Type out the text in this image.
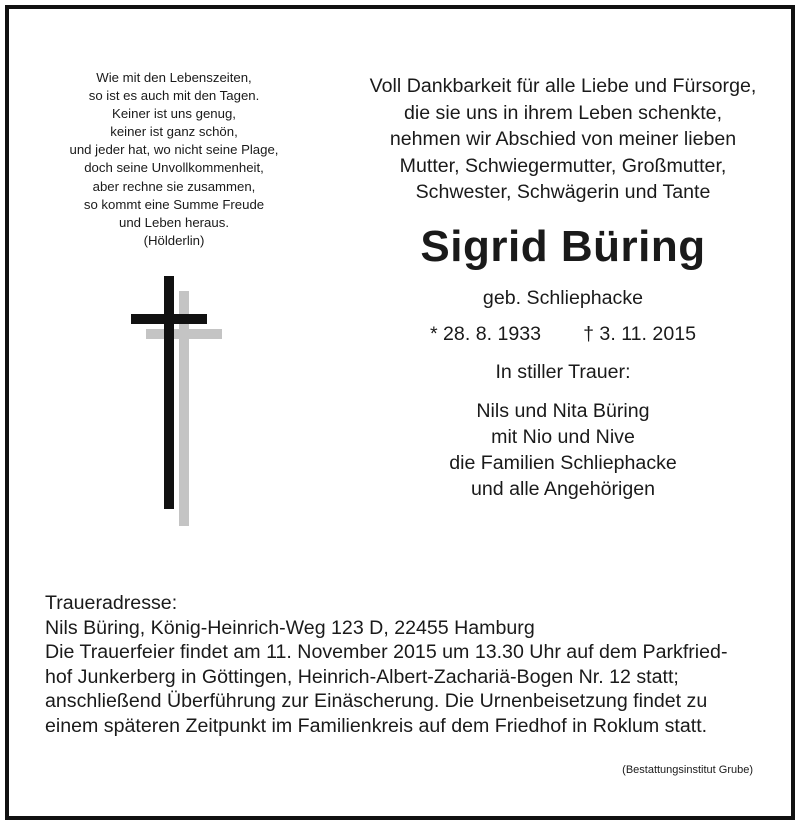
Wie mit den Lebenszeiten,
so ist es auch mit den Tagen.
Keiner ist uns genug,
keiner ist ganz schön,
und jeder hat, wo nicht seine Plage,
doch seine Unvollkommenheit,
aber rechne sie zusammen,
so kommt eine Summe Freude
und Leben heraus.
(Hölderlin)
Voll Dankbarkeit für alle Liebe und Fürsorge,
die sie uns in ihrem Leben schenkte,
nehmen wir Abschied von meiner lieben
Mutter, Schwiegermutter, Großmutter,
Schwester, Schwägerin und Tante
Sigrid Büring
geb. Schliephacke
* 28. 8. 1933 † 3. 11. 2015
In stiller Trauer:
Nils und Nita Büring
mit Nio und Nive
die Familien Schliephacke
und alle Angehörigen
Traueradresse:
Nils Büring, König-Heinrich-Weg 123 D, 22455 Hamburg
Die Trauerfeier findet am 11. November 2015 um 13.30 Uhr auf dem Parkfried-
hof Junkerberg in Göttingen, Heinrich-Albert-Zachariä-Bogen Nr. 12 statt;
anschließend Überführung zur Einäscherung. Die Urnenbeisetzung findet zu
einem späteren Zeitpunkt im Familienkreis auf dem Friedhof in Roklum statt.
(Bestattungsinstitut Grube)
